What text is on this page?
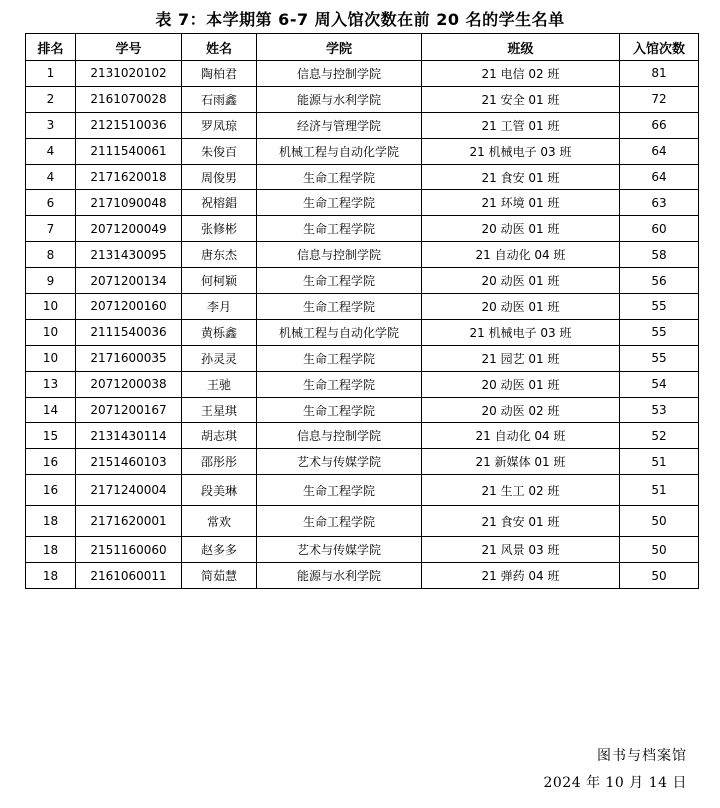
表 7：本学期第 6-7 周入馆次数在前 20 名的学生名单
排名	学号	姓名	学院	班级	入馆次数
1	2131020102	陶柏君	信息与控制学院	21 电信 02 班	81
2	2161070028	石雨鑫	能源与水利学院	21 安全 01 班	72
3	2121510036	罗凤琼	经济与管理学院	21 工管 01 班	66
4	2111540061	朱俊百	机械工程与自动化学院	21 机械电子 03 班	64
4	2171620018	周俊男	生命工程学院	21 食安 01 班	64
6	2171090048	祝榕錩	生命工程学院	21 环境 01 班	63
7	2071200049	张修彬	生命工程学院	20 动医 01 班	60
8	2131430095	唐东杰	信息与控制学院	21 自动化 04 班	58
9	2071200134	何柯颖	生命工程学院	20 动医 01 班	56
10	2071200160	李月	生命工程学院	20 动医 01 班	55
10	2111540036	黄栎鑫	机械工程与自动化学院	21 机械电子 03 班	55
10	2171600035	孙灵灵	生命工程学院	21 园艺 01 班	55
13	2071200038	王驰	生命工程学院	20 动医 01 班	54
14	2071200167	王星琪	生命工程学院	20 动医 02 班	53
15	2131430114	胡志琪	信息与控制学院	21 自动化 04 班	52
16	2151460103	邵彤彤	艺术与传媒学院	21 新媒体 01 班	51
16	2171240004	段美琳	生命工程学院	21 生工 02 班	51
18	2171620001	常欢	生命工程学院	21 食安 01 班	50
18	2151160060	赵多多	艺术与传媒学院	21 风景 03 班	50
18	2161060011	简茹慧	能源与水利学院	21 弹药 04 班	50
图书与档案馆
2024 年 10 月 14 日
